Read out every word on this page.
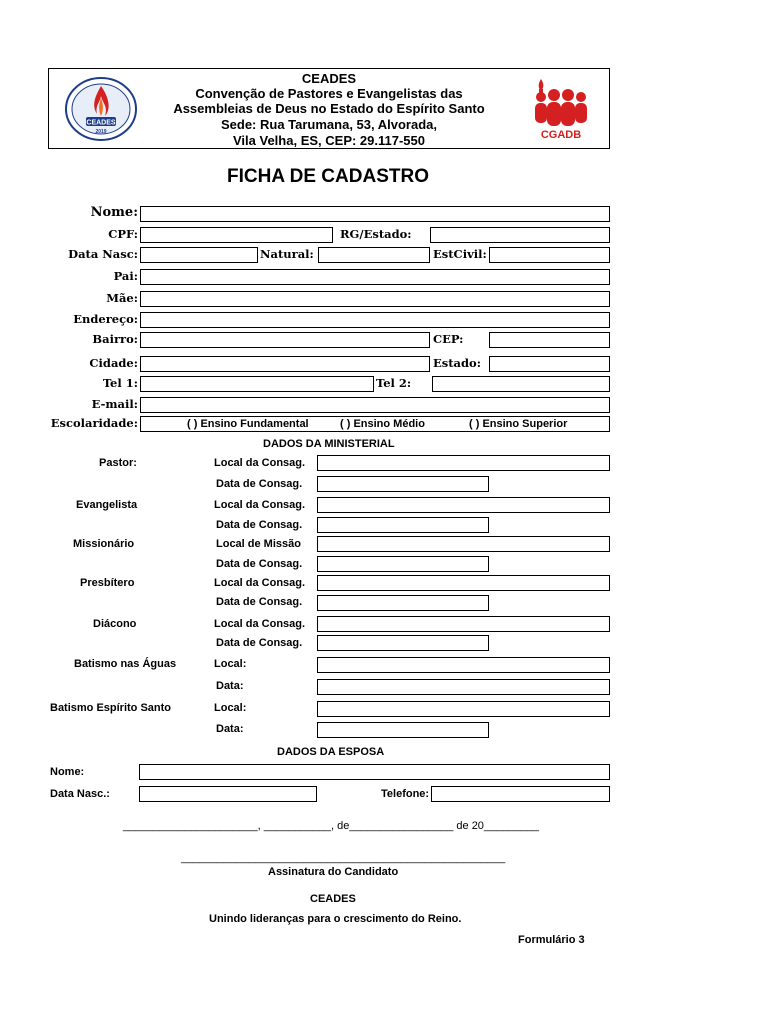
CEADES
2019
CEADES
Convenção de Pastores e Evangelistas das
Assembleias de Deus no Estado do Espírito Santo
Sede: Rua Tarumana, 53, Alvorada,
Vila Velha, ES, CEP: 29.117-550	CGADB
FICHA DE CADASTRO
Nome:
CPF:	RG/Estado:
Data Nasc:	Natural:	EstCivil:
Pai:
Mãe:
Endereço:
Bairro:	CEP:
Cidade:	Estado:
Tel 1:	Tel 2:
E-mail:
Escolaridade:	( ) Ensino Fundamental	( ) Ensino Médio	( ) Ensino Superior
DADOS DA MINISTERIAL
Pastor:	Local da Consag.
Data de Consag.
Evangelista	Local da Consag.
Data de Consag.
Missionário	Local de Missão
Data de Consag.
Presbítero	Local da Consag.
Data de Consag.
Diácono	Local da Consag.
Data de Consag.
Batismo nas Águas	Local:
Data:
Batismo Espírito Santo	Local:
Data:
DADOS DA ESPOSA
Nome:
Data Nasc.:	Telefone:
______________________, ___________, de_________________ de 20_________
_____________________________________________________
Assinatura do Candidato
CEADES
Unindo lideranças para o crescimento do Reino.
Formulário 3
